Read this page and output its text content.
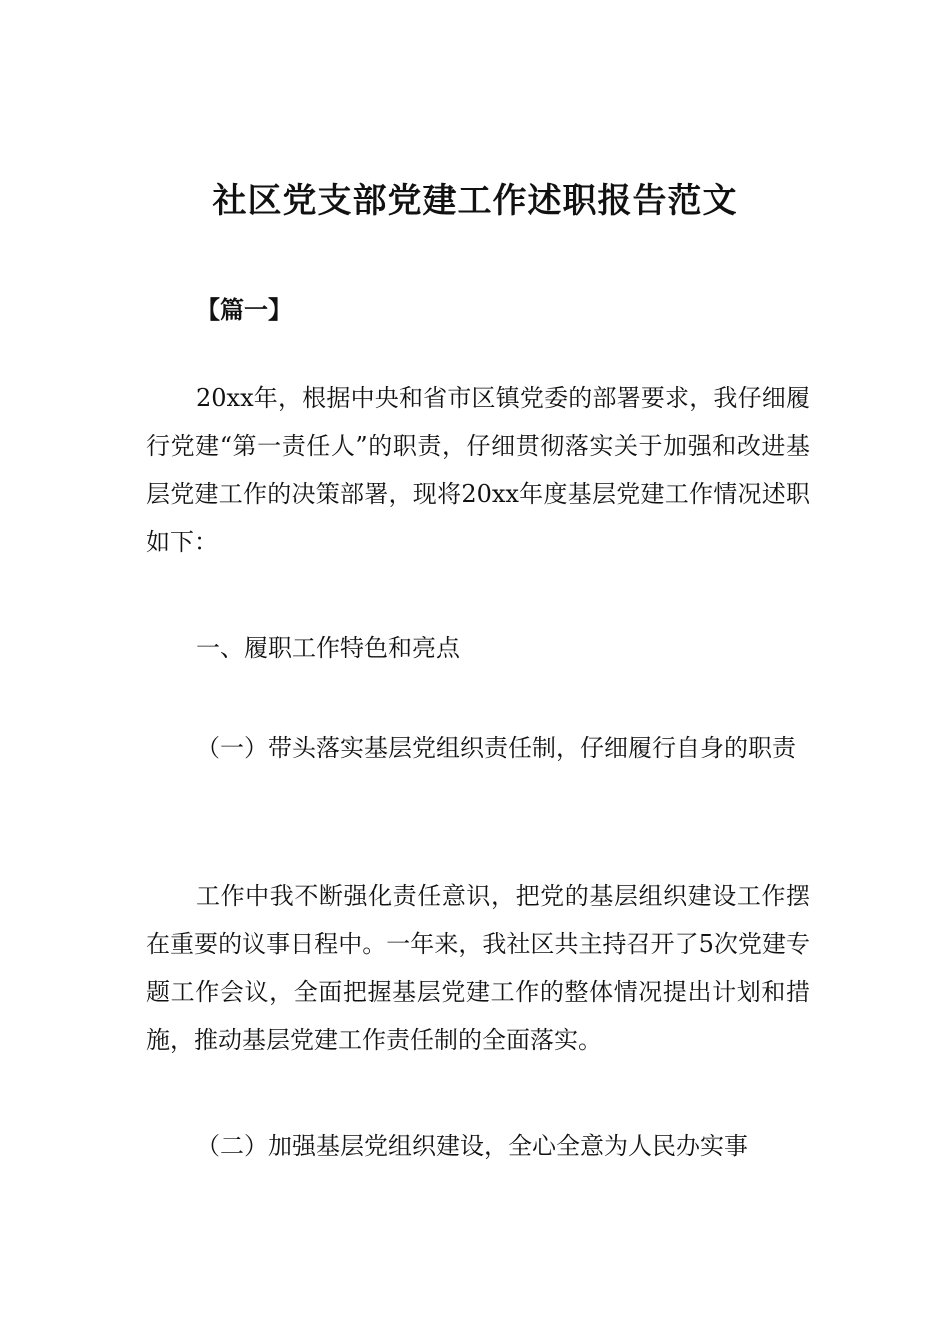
社区党支部党建工作述职报告范文

【篇一】

20xx年，根据中央和省市区镇党委的部署要求，我仔细履行党建“第一责任人”的职责，仔细贯彻落实关于加强和改进基层党建工作的决策部署，现将20xx年度基层党建工作情况述职如下：

一、履职工作特色和亮点

（一）带头落实基层党组织责任制，仔细履行自身的职责

工作中我不断强化责任意识，把党的基层组织建设工作摆在重要的议事日程中。一年来，我社区共主持召开了5次党建专题工作会议，全面把握基层党建工作的整体情况提出计划和措施，推动基层党建工作责任制的全面落实。

（二）加强基层党组织建设，全心全意为人民办实事
